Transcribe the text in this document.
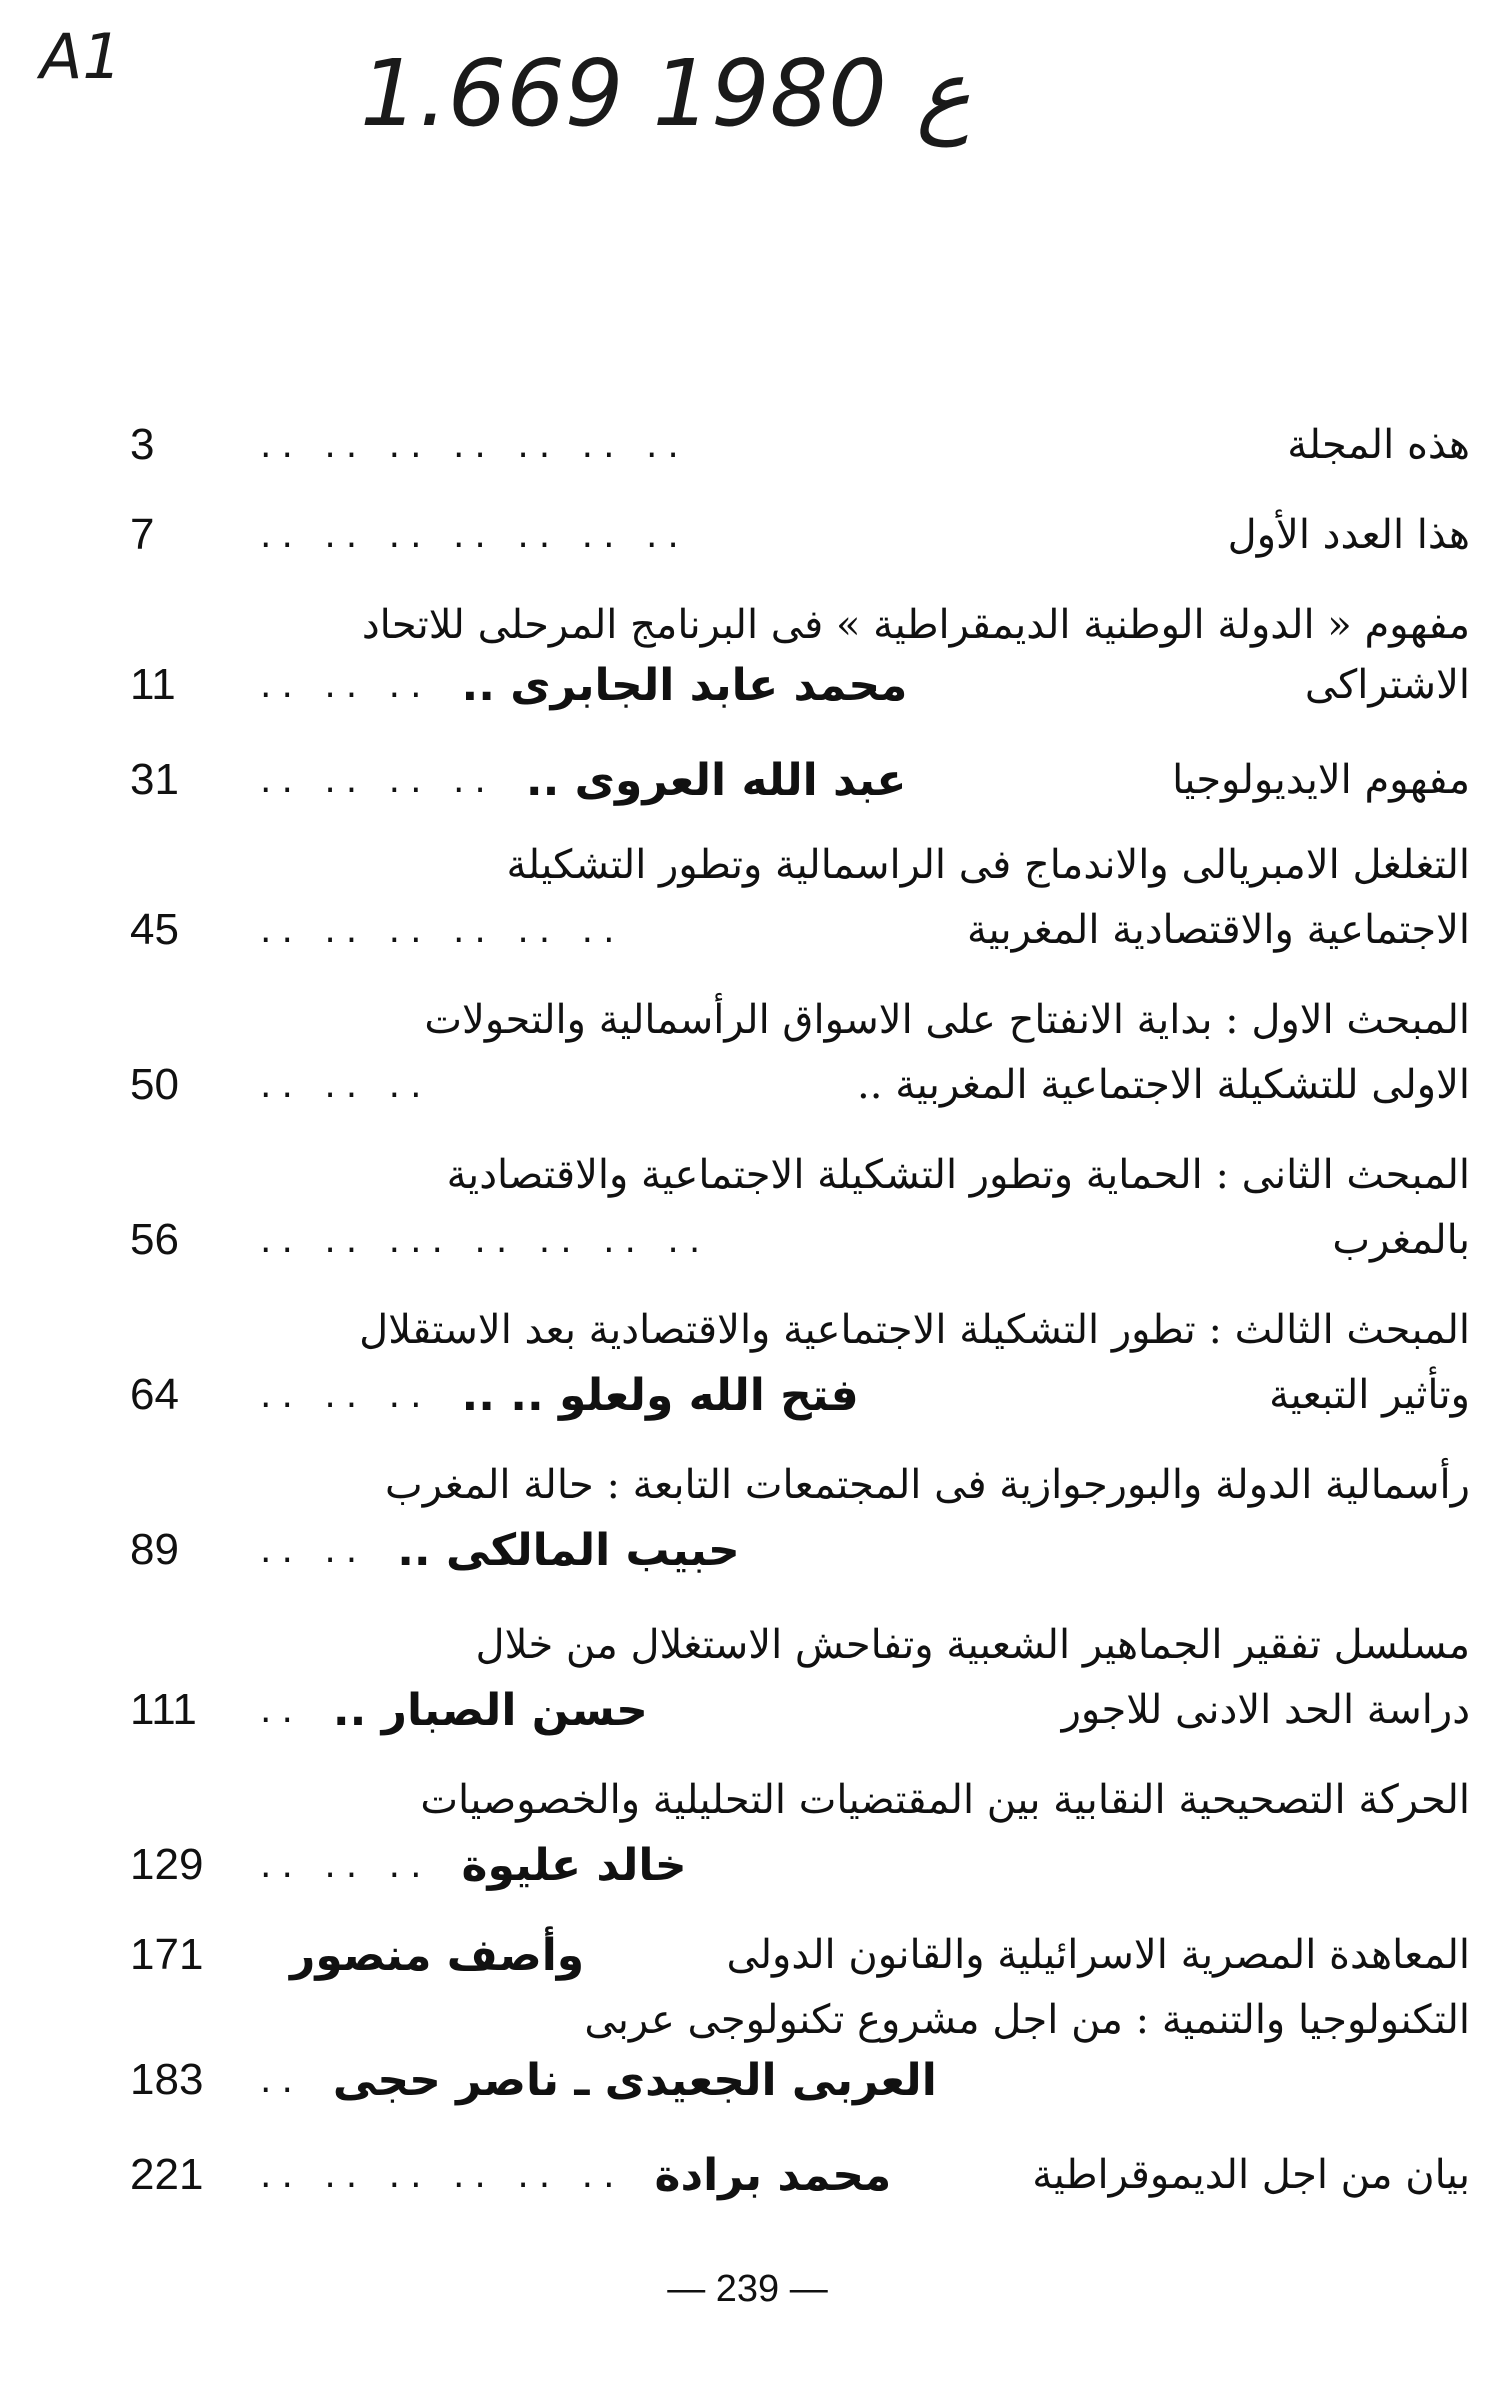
A1	1.ع 1980 669
3	.. .. .. .. .. .. ..	هذه المجلة
7	.. .. .. .. .. .. ..	هذا العدد الأول
مفهوم « الدولة الوطنية الديمقراطية » فى البرنامج المرحلى للاتحاد
11	.. .. .. محمد عابد الجابرى ..	الاشتراكى
31	.. .. .. .. عبد الله العروى ..	مفهوم الايديولوجيا
التغلغل الامبريالى والاندماج فى الراسمالية وتطور التشكيلة
45	.. .. .. .. .. ..	الاجتماعية والاقتصادية المغربية
المبحث الاول : بداية الانفتاح على الاسواق الرأسمالية والتحولات
50	.. .. ..	الاولى للتشكيلة الاجتماعية المغربية ..
المبحث الثانى : الحماية وتطور التشكيلة الاجتماعية والاقتصادية
56	.. .. ... .. .. .. ..	بالمغرب
المبحث الثالث : تطور التشكيلة الاجتماعية والاقتصادية بعد الاستقلال
64	.. .. .. فتح الله ولعلو .. ..	وتأثير التبعية
رأسمالية الدولة والبورجوازية فى المجتمعات التابعة : حالة المغرب
89	.. .. حبيب المالكى ..
مسلسل تفقير الجماهير الشعبية وتفاحش الاستغلال من خلال
111	.. حسن الصبار ..	دراسة الحد الادنى للاجور
الحركة التصحيحية النقابية بين المقتضيات التحليلية والخصوصيات
129	.. .. .. خالد عليوة
171	وأصف منصور	المعاهدة المصرية الاسرائيلية والقانون الدولى
التكنولوجيا والتنمية : من اجل مشروع تكنولوجى عربى
183	.. العربى الجعيدى ـ ناصر حجى
221	.. .. .. .. .. .. محمد برادة	بيان من اجل الديموقراطية
— 239 —
